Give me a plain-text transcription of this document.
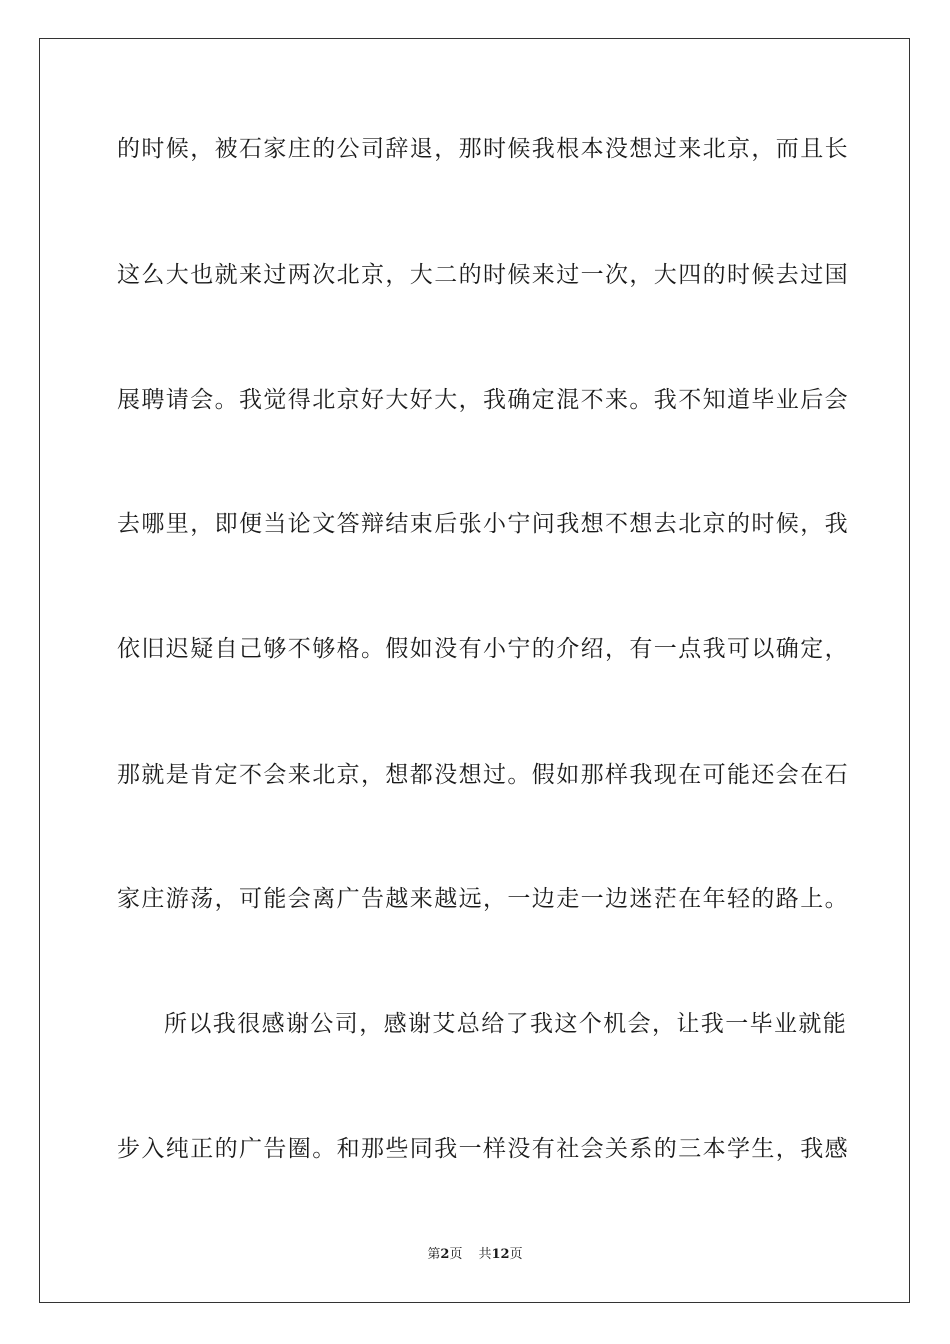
的时候，被石家庄的公司辞退，那时候我根本没想过来北京，而且长
这么大也就来过两次北京，大二的时候来过一次，大四的时候去过国
展聘请会。我觉得北京好大好大，我确定混不来。我不知道毕业后会
去哪里，即便当论文答辩结束后张小宁问我想不想去北京的时候，我
依旧迟疑自己够不够格。假如没有小宁的介绍，有一点我可以确定，
那就是肯定不会来北京，想都没想过。假如那样我现在可能还会在石
家庄游荡，可能会离广告越来越远，一边走一边迷茫在年轻的路上。
所以我很感谢公司，感谢艾总给了我这个机会，让我一毕业就能
步入纯正的广告圈。和那些同我一样没有社会关系的三本学生，我感
第2页 共12页
